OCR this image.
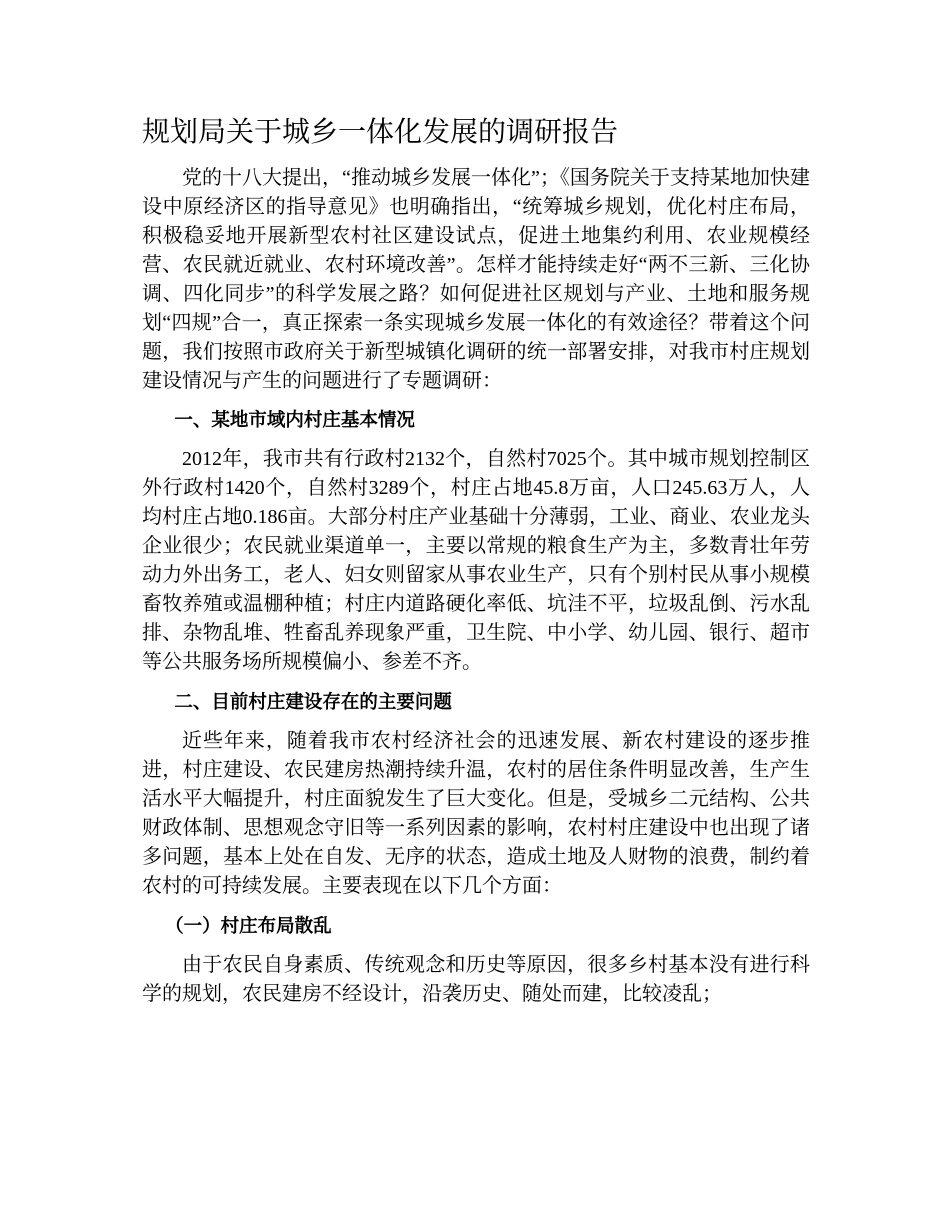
规划局关于城乡一体化发展的调研报告

党的十八大提出，“推动城乡发展一体化”；《国务院关于支持某地加快建设中原经济区的指导意见》也明确指出，“统筹城乡规划，优化村庄布局，积极稳妥地开展新型农村社区建设试点，促进土地集约利用、农业规模经营、农民就近就业、农村环境改善”。怎样才能持续走好“两不三新、三化协调、四化同步”的科学发展之路？如何促进社区规划与产业、土地和服务规划“四规”合一，真正探索一条实现城乡发展一体化的有效途径？带着这个问题，我们按照市政府关于新型城镇化调研的统一部署安排，对我市村庄规划建设情况与产生的问题进行了专题调研：

一、某地市域内村庄基本情况

2012年，我市共有行政村2132个，自然村7025个。其中城市规划控制区外行政村1420个，自然村3289个，村庄占地45.8万亩，人口245.63万人，人均村庄占地0.186亩。大部分村庄产业基础十分薄弱，工业、商业、农业龙头企业很少；农民就业渠道单一，主要以常规的粮食生产为主，多数青壮年劳动力外出务工，老人、妇女则留家从事农业生产，只有个别村民从事小规模畜牧养殖或温棚种植；村庄内道路硬化率低、坑洼不平，垃圾乱倒、污水乱排、杂物乱堆、牲畜乱养现象严重，卫生院、中小学、幼儿园、银行、超市等公共服务场所规模偏小、参差不齐。

二、目前村庄建设存在的主要问题

近些年来，随着我市农村经济社会的迅速发展、新农村建设的逐步推进，村庄建设、农民建房热潮持续升温，农村的居住条件明显改善，生产生活水平大幅提升，村庄面貌发生了巨大变化。但是，受城乡二元结构、公共财政体制、思想观念守旧等一系列因素的影响，农村村庄建设中也出现了诸多问题，基本上处在自发、无序的状态，造成土地及人财物的浪费，制约着农村的可持续发展。主要表现在以下几个方面：

（一）村庄布局散乱

由于农民自身素质、传统观念和历史等原因，很多乡村基本没有进行科学的规划，农民建房不经设计，沿袭历史、随处而建，比较凌乱；
